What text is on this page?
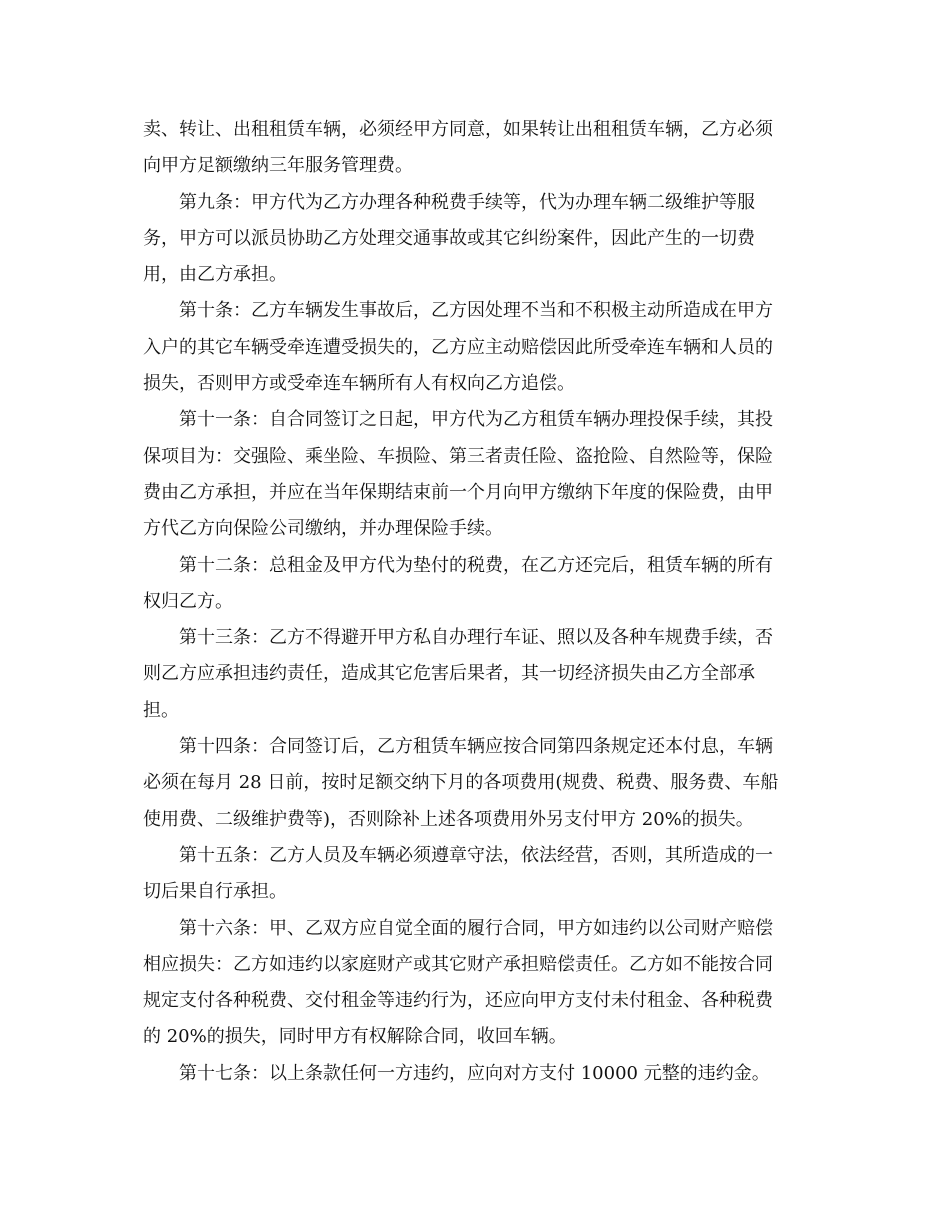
卖、转让、出租租赁车辆，必须经甲方同意，如果转让出租租赁车辆，乙方必须
向甲方足额缴纳三年服务管理费。
第九条：甲方代为乙方办理各种税费手续等，代为办理车辆二级维护等服
务，甲方可以派员协助乙方处理交通事故或其它纠纷案件，因此产生的一切费
用，由乙方承担。
第十条：乙方车辆发生事故后，乙方因处理不当和不积极主动所造成在甲方
入户的其它车辆受牵连遭受损失的，乙方应主动赔偿因此所受牵连车辆和人员的
损失，否则甲方或受牵连车辆所有人有权向乙方追偿。
第十一条：自合同签订之日起，甲方代为乙方租赁车辆办理投保手续，其投
保项目为：交强险、乘坐险、车损险、第三者责任险、盗抢险、自然险等，保险
费由乙方承担，并应在当年保期结束前一个月向甲方缴纳下年度的保险费，由甲
方代乙方向保险公司缴纳，并办理保险手续。
第十二条：总租金及甲方代为垫付的税费，在乙方还完后，租赁车辆的所有
权归乙方。
第十三条：乙方不得避开甲方私自办理行车证、照以及各种车规费手续，否
则乙方应承担违约责任，造成其它危害后果者，其一切经济损失由乙方全部承
担。
第十四条：合同签订后，乙方租赁车辆应按合同第四条规定还本付息，车辆
必须在每月 28 日前，按时足额交纳下月的各项费用(规费、税费、服务费、车船
使用费、二级维护费等)，否则除补上述各项费用外另支付甲方 20%的损失。
第十五条：乙方人员及车辆必须遵章守法，依法经营，否则，其所造成的一
切后果自行承担。
第十六条：甲、乙双方应自觉全面的履行合同，甲方如违约以公司财产赔偿
相应损失：乙方如违约以家庭财产或其它财产承担赔偿责任。乙方如不能按合同
规定支付各种税费、交付租金等违约行为，还应向甲方支付未付租金、各种税费
的 20%的损失，同时甲方有权解除合同，收回车辆。
第十七条：以上条款任何一方违约，应向对方支付 10000 元整的违约金。
